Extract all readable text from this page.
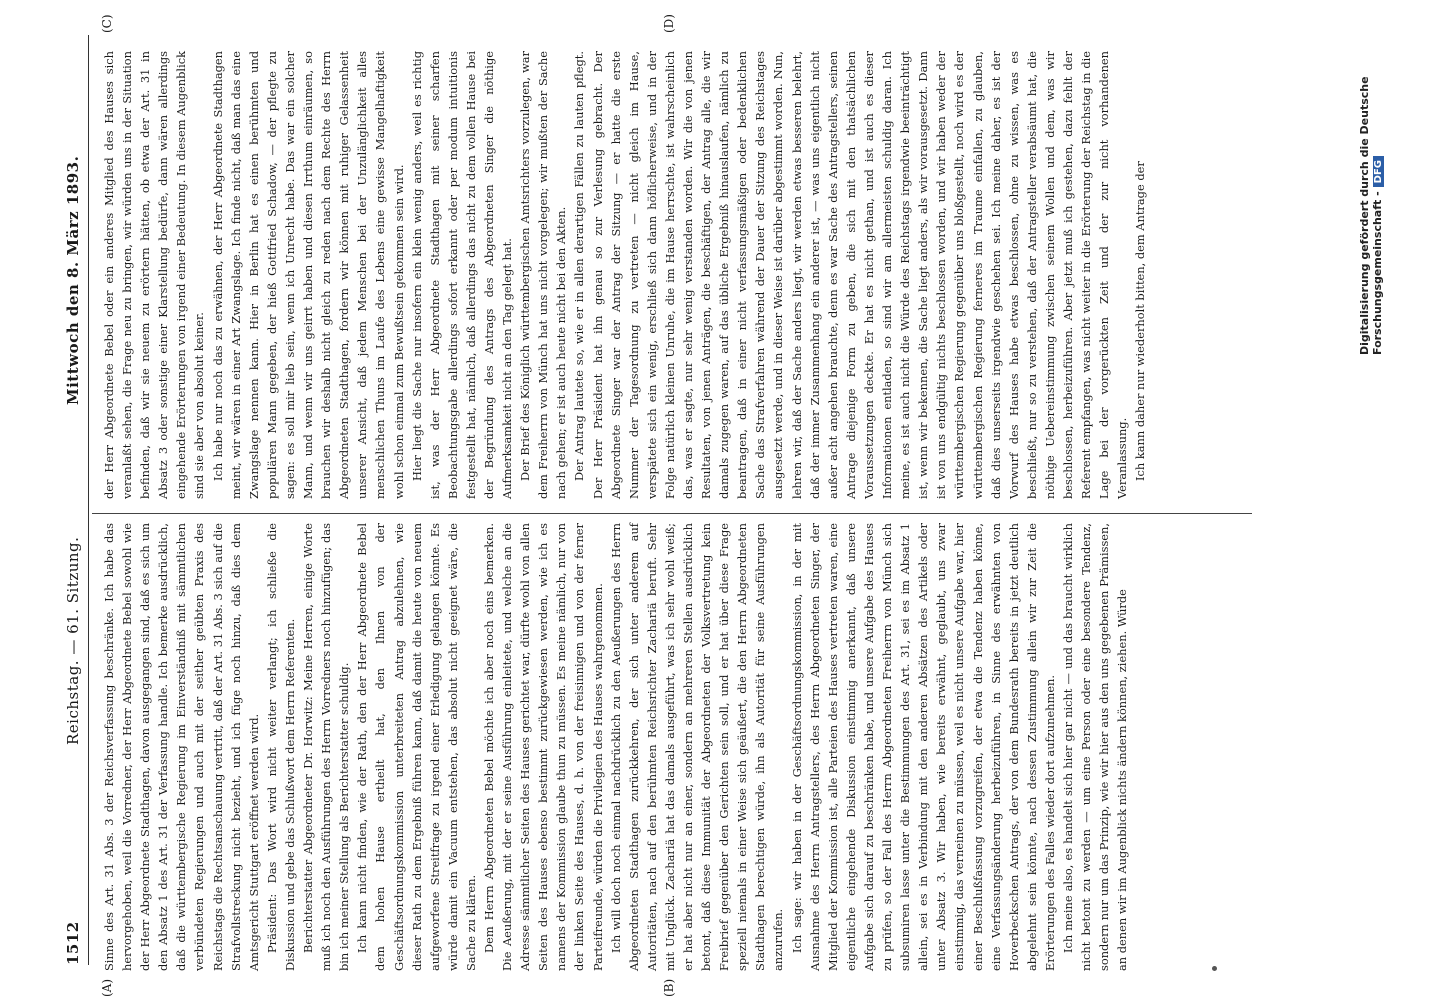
1512
Reichstag. — 61. Sitzung.
Mittwoch den 8. März 1893.
(A)	(B)
(C)	(D)

Sinne des Art. 31 Abs. 3 der Reichsverfassung beschränke. Ich habe das hervorgehoben, weil die Vorredner, der Herr Abgeordnete Bebel sowohl wie der Herr Abgeordnete Stadthagen, davon ausgegangen sind, daß es sich um den Absatz 1 des Art. 31 der Verfassung handle. Ich bemerke ausdrücklich, daß die württembergische Regierung im Einverständniß mit sämmtlichen verbündeten Regierungen und auch mit der seither geübten Praxis des Reichstags die Rechtsanschauung vertritt, daß der Art. 31 Abs. 3 sich auf die Strafvollstreckung nicht bezieht, und ich füge noch hinzu, daß dies dem Amtsgericht Stuttgart eröffnet werden wird. Präsident: Das Wort wird nicht weiter verlangt; ich schließe die Diskussion und gebe das Schlußwort dem Herrn Referenten. Berichterstatter Abgeordneter Dr. Horwitz: Meine Herren, einige Worte muß ich noch den Ausführungen des Herrn Vorredners noch hinzufügen; das bin ich meiner Stellung als Berichterstatter schuldig. Ich kann nicht finden, wie der Rath, den der Herr Abgeordnete Bebel dem hohen Hause ertheilt hat, den Ihnen von der Geschäftsordnungskommission unterbreiteten Antrag abzulehnen, wie dieser Rath zu dem Ergebniß führen kann, daß damit die heute von neuem aufgeworfene Streitfrage zu irgend einer Erledigung gelangen könnte. Es würde damit ein Vacuum entstehen, das absolut nicht geeignet wäre, die Sache zu klären. Dem Herrn Abgeordneten Bebel möchte ich aber noch eins bemerken. Die Aeußerung, mit der er seine Ausführung einleitete, und welche an die Adresse sämmtlicher Seiten des Hauses gerichtet war, dürfte wohl von allen Seiten des Hauses ebenso bestimmt zurückgewiesen werden, wie ich es namens der Kommission glaube thun zu müssen. Es meine nämlich, nur von der linken Seite des Hauses, d. h. von der freisinnigen und von der ferner Parteifreunde, würden die Privilegien des Hauses wahrgenommen. Ich will doch noch einmal nachdrücklich zu den Aeußerungen des Herrn Abgeordneten Stadthagen zurückkehren, der sich unter anderem auf Autoritäten, nach auf den berühmten Reichsrichter Zachariä beruft. Sehr mit Unglück. Zachariä hat das damals ausgeführt, was ich sehr wohl weiß; er hat aber nicht nur an einer, sondern an mehreren Stellen ausdrücklich betont, daß diese Immunität der Abgeordneten der Volksvertretung kein Freibrief gegenüber den Gerichten sein soll, und er hat über diese Frage speziell niemals in einer Weise sich geäußert, die den Herrn Abgeordneten Stadthagen berechtigen würde, ihn als Autorität für seine Ausführungen anzurufen. Ich sage: wir haben in der Geschäftsordnungskommission, in der mit Ausnahme des Herrn Antragstellers, des Herrn Abgeordneten Singer, der Mitglied der Kommission ist, alle Parteien des Hauses vertreten waren, eine eigentliche eingehende Diskussion einstimmig anerkannt, daß unsere Aufgabe sich darauf zu beschränken habe, und unsere Aufgabe des Hauses zu prüfen, so der Fall des Herrn Abgeordneten Freiherrn von Münch sich subsumiren lasse unter die Bestimmungen des Art. 31, sei es im Absatz 1 allein, sei es in Verbindung mit den anderen Absätzen des Artikels oder unter Absatz 3. Wir haben, wie bereits erwähnt, geglaubt, uns zwar einstimmig, das verneinen zu müssen, weil es nicht unsere Aufgabe war, hier einer Beschlußfassung vorzugreifen, der etwa die Tendenz haben könne, eine Verfassungsänderung herbeizuführen, in Sinne des erwähnten von Hoverbeckschen Antrags, der von dem Bundesrath bereits in jetzt deutlich abgelehnt sein könnte, nach dessen Zustimmung allein wir zur Zeit die Erörterungen des Falles wieder dort aufzunehmen. Ich meine also, es handelt sich hier gar nicht — und das braucht wirklich nicht betont zu werden — um eine Person oder eine besondere Tendenz, sondern nur um das Prinzip, wie wir hier aus den uns gegebenen Prämissen, an denen wir im Augenblick nichts ändern können, ziehen. Würde

der Herr Abgeordnete Bebel oder ein anderes Mitglied des Hauses sich veranlaßt sehen, die Frage neu zu bringen, wir würden uns in der Situation befinden, daß wir sie neuem zu erörtern hätten, ob etwa der Art. 31 in Absatz 3 oder sonstige einer Klarstellung bedürfe, dann wären allerdings eingehende Erörterungen von irgend einer Bedeutung. In diesem Augenblick sind sie aber von absolut keiner. Ich habe nur noch das zu erwähnen, der Herr Abgeordnete Stadthagen meint, wir wären in einer Art Zwangslage. Ich finde nicht, daß man das eine Zwangslage nennen kann. Hier in Berlin hat es einen berühmten und populären Mann gegeben, der hieß Gottfried Schadow, — der pflegte zu sagen: es soll mir lieb sein, wenn ich Unrecht habe. Das war ein solcher Mann, und wenn wir uns geirrt haben und diesen Irrthum einräumen, so brauchen wir deshalb nicht gleich zu reden nach dem Rechte des Herrn Abgeordneten Stadthagen, fordern wir können mit ruhiger Gelassenheit unserer Ansicht, daß jedem Menschen bei der Unzulänglichkeit alles menschlichen Thuns im Laufe des Lebens eine gewisse Mangelhaftigkeit wohl schon einmal zum Bewußtsein gekommen sein wird. Hier liegt die Sache nur insofern ein klein wenig anders, weil es richtig ist, was der Herr Abgeordnete Stadthagen mit seiner scharfen Beobachtungsgabe allerdings sofort erkannt oder per modum intuitionis festgestellt hat, nämlich, daß allerdings das nicht zu dem vollen Hause bei der Begründung des Antrags des Abgeordneten Singer die nöthige Aufmerksamkeit nicht an den Tag gelegt hat. Der Brief des Königlich württembergischen Amtsrichters vorzulegen, war dem Freiherrn von Münch hat uns nicht vorgelegen; wir mußten der Sache nach gehen; er ist auch heute nicht bei den Akten. Der Antrag lautete so, wie er in allen derartigen Fällen zu lauten pflegt. Der Herr Präsident hat ihn genau so zur Verlesung gebracht. Der Abgeordnete Singer war der Antrag der Sitzung — er hatte die erste Nummer der Tagesordnung zu vertreten — nicht gleich im Hause, verspätete sich ein wenig, erschließ sich dann höflicherweise, und in der Folge natürlich kleinen Unruhe, die im Hause herrschte, ist wahrscheinlich das, was er sagte, nur sehr wenig verstanden worden. Wir die von jenen Resultaten, von jenen Anträgen, die beschäftigen, der Antrag alle, die wir damals zugegen waren, auf das übliche Ergebniß hinauslaufen, nämlich zu beantragen, daß in einer nicht verfassungsmäßigen oder bedenklichen Sache das Strafverfahren während der Dauer der Sitzung des Reichstages ausgesetzt werde, und in dieser Weise ist darüber abgestimmt worden. Nun, lehren wir, daß der Sache anders liegt, wir werden etwas besseren belehrt, daß der immer Zusammenhang ein anderer ist, — was uns eigentlich nicht außer acht angehen brauchte, denn es war Sache des Antragstellers, seinen Antrage diejenige Form zu geben, die sich mit den thatsächlichen Voraussetzungen deckte. Er hat es nicht gethan, und ist auch es dieser Informationen entladen, so sind wir am allermeisten schuldig daran. Ich meine, es ist auch nicht die Würde des Reichstags irgendwie beeinträchtigt ist, wenn wir bekennen, die Sache liegt anders, als wir vorausgesetzt. Dann ist von uns endgültig nichts beschlossen worden, und wir haben weder der württembergischen Regierung gegenüber uns bloßgestellt, noch wird es der württembergischen Regierung ferneres im Traume einfallen, zu glauben, daß dies unserseits irgendwie geschehen sei. Ich meine daher, es ist der Vorwurf des Hauses habe etwas beschlossen, ohne zu wissen, was es beschließt, nur so zu verstehen, daß der Antragsteller verabsäumt hat, die nöthige Uebereinstimmung zwischen seinem Wollen und dem, was wir beschlossen, herbeizuführen. Aber jetzt muß ich gestehen, dazu fehlt der Referent empfangen, was nicht weiter in die Erörterung der Reichstag in die Lage bei der vorgerückten Zeit und der zur nicht vorhandenen Veranlassung. Ich kann daher nur wiederholt bitten, dem Antrage der	Digitalisierung gefördert durch die Deutsche Forschungsgemeinschaft -DFG
